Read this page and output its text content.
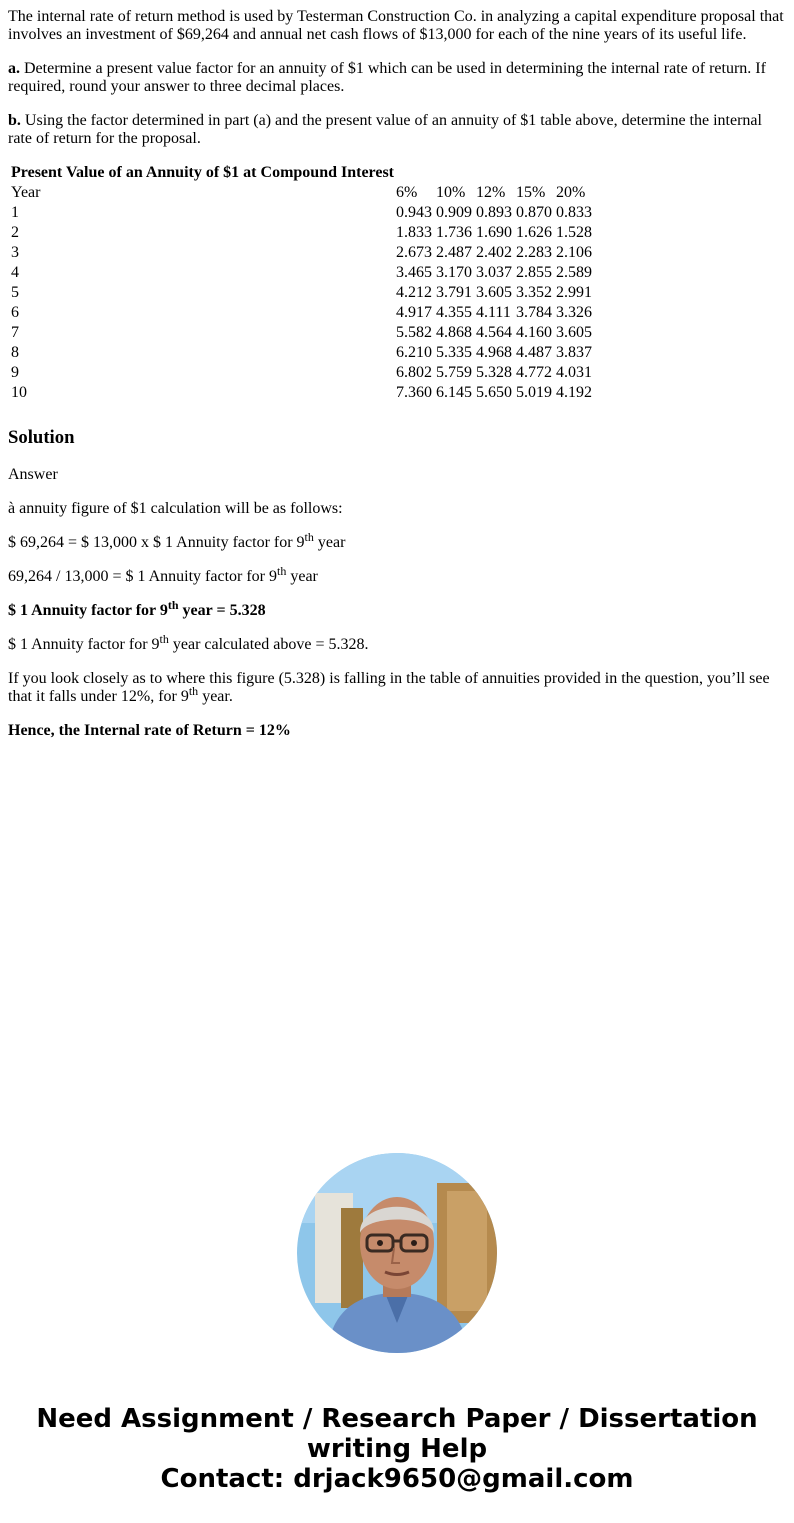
The internal rate of return method is used by Testerman Construction Co. in analyzing a capital expenditure proposal that involves an investment of $69,264 and annual net cash flows of $13,000 for each of the nine years of its useful life.

a. Determine a present value factor for an annuity of $1 which can be used in determining the internal rate of return. If required, round your answer to three decimal places.

b. Using the factor determined in part (a) and the present value of an annuity of $1 table above, determine the internal rate of return for the proposal.

Present Value of an Annuity of $1 at Compound Interest					
Year	6%	10%	12%	15%	20%
1	0.943	0.909	0.893	0.870	0.833
2	1.833	1.736	1.690	1.626	1.528
3	2.673	2.487	2.402	2.283	2.106
4	3.465	3.170	3.037	2.855	2.589
5	4.212	3.791	3.605	3.352	2.991
6	4.917	4.355	4.111	3.784	3.326
7	5.582	4.868	4.564	4.160	3.605
8	6.210	5.335	4.968	4.487	3.837
9	6.802	5.759	5.328	4.772	4.031
10	7.360	6.145	5.650	5.019	4.192
Solution

Answer

à annuity figure of $1 calculation will be as follows:

$ 69,264 = $ 13,000 x $ 1 Annuity factor for 9th year

69,264 / 13,000 = $ 1 Annuity factor for 9th year

$ 1 Annuity factor for 9th year = 5.328

$ 1 Annuity factor for 9th year calculated above = 5.328.

If you look closely as to where this figure (5.328) is falling in the table of annuities provided in the question, you’ll see that it falls under 12%, for 9th year.

Hence, the Internal rate of Return = 12%

Need Assignment / Research Paper / Dissertation
writing Help
Contact: drjack9650@gmail.com
